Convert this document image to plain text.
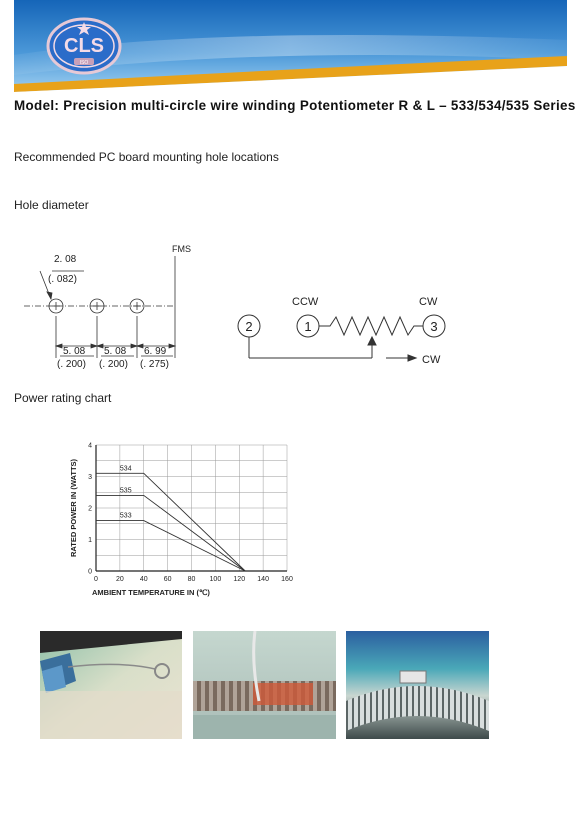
CLS
ISO
Model: Precision multi-circle wire winding Potentiometer R & L – 533/534/535 Series
Recommended PC board mounting hole locations
Hole diameter
FMS
2. 08
(. 082)
5. 08 5. 08 6. 99
(. 200) (. 200) (. 275)
2	1	3
CCW	CW
CW
Power rating chart
534
535
533
0	20 40 60 80 100 120 140 160
0
1
2
3
4
AMBIENT TEMPERATURE IN (℃)
RATED POWER IN (WATTS)
